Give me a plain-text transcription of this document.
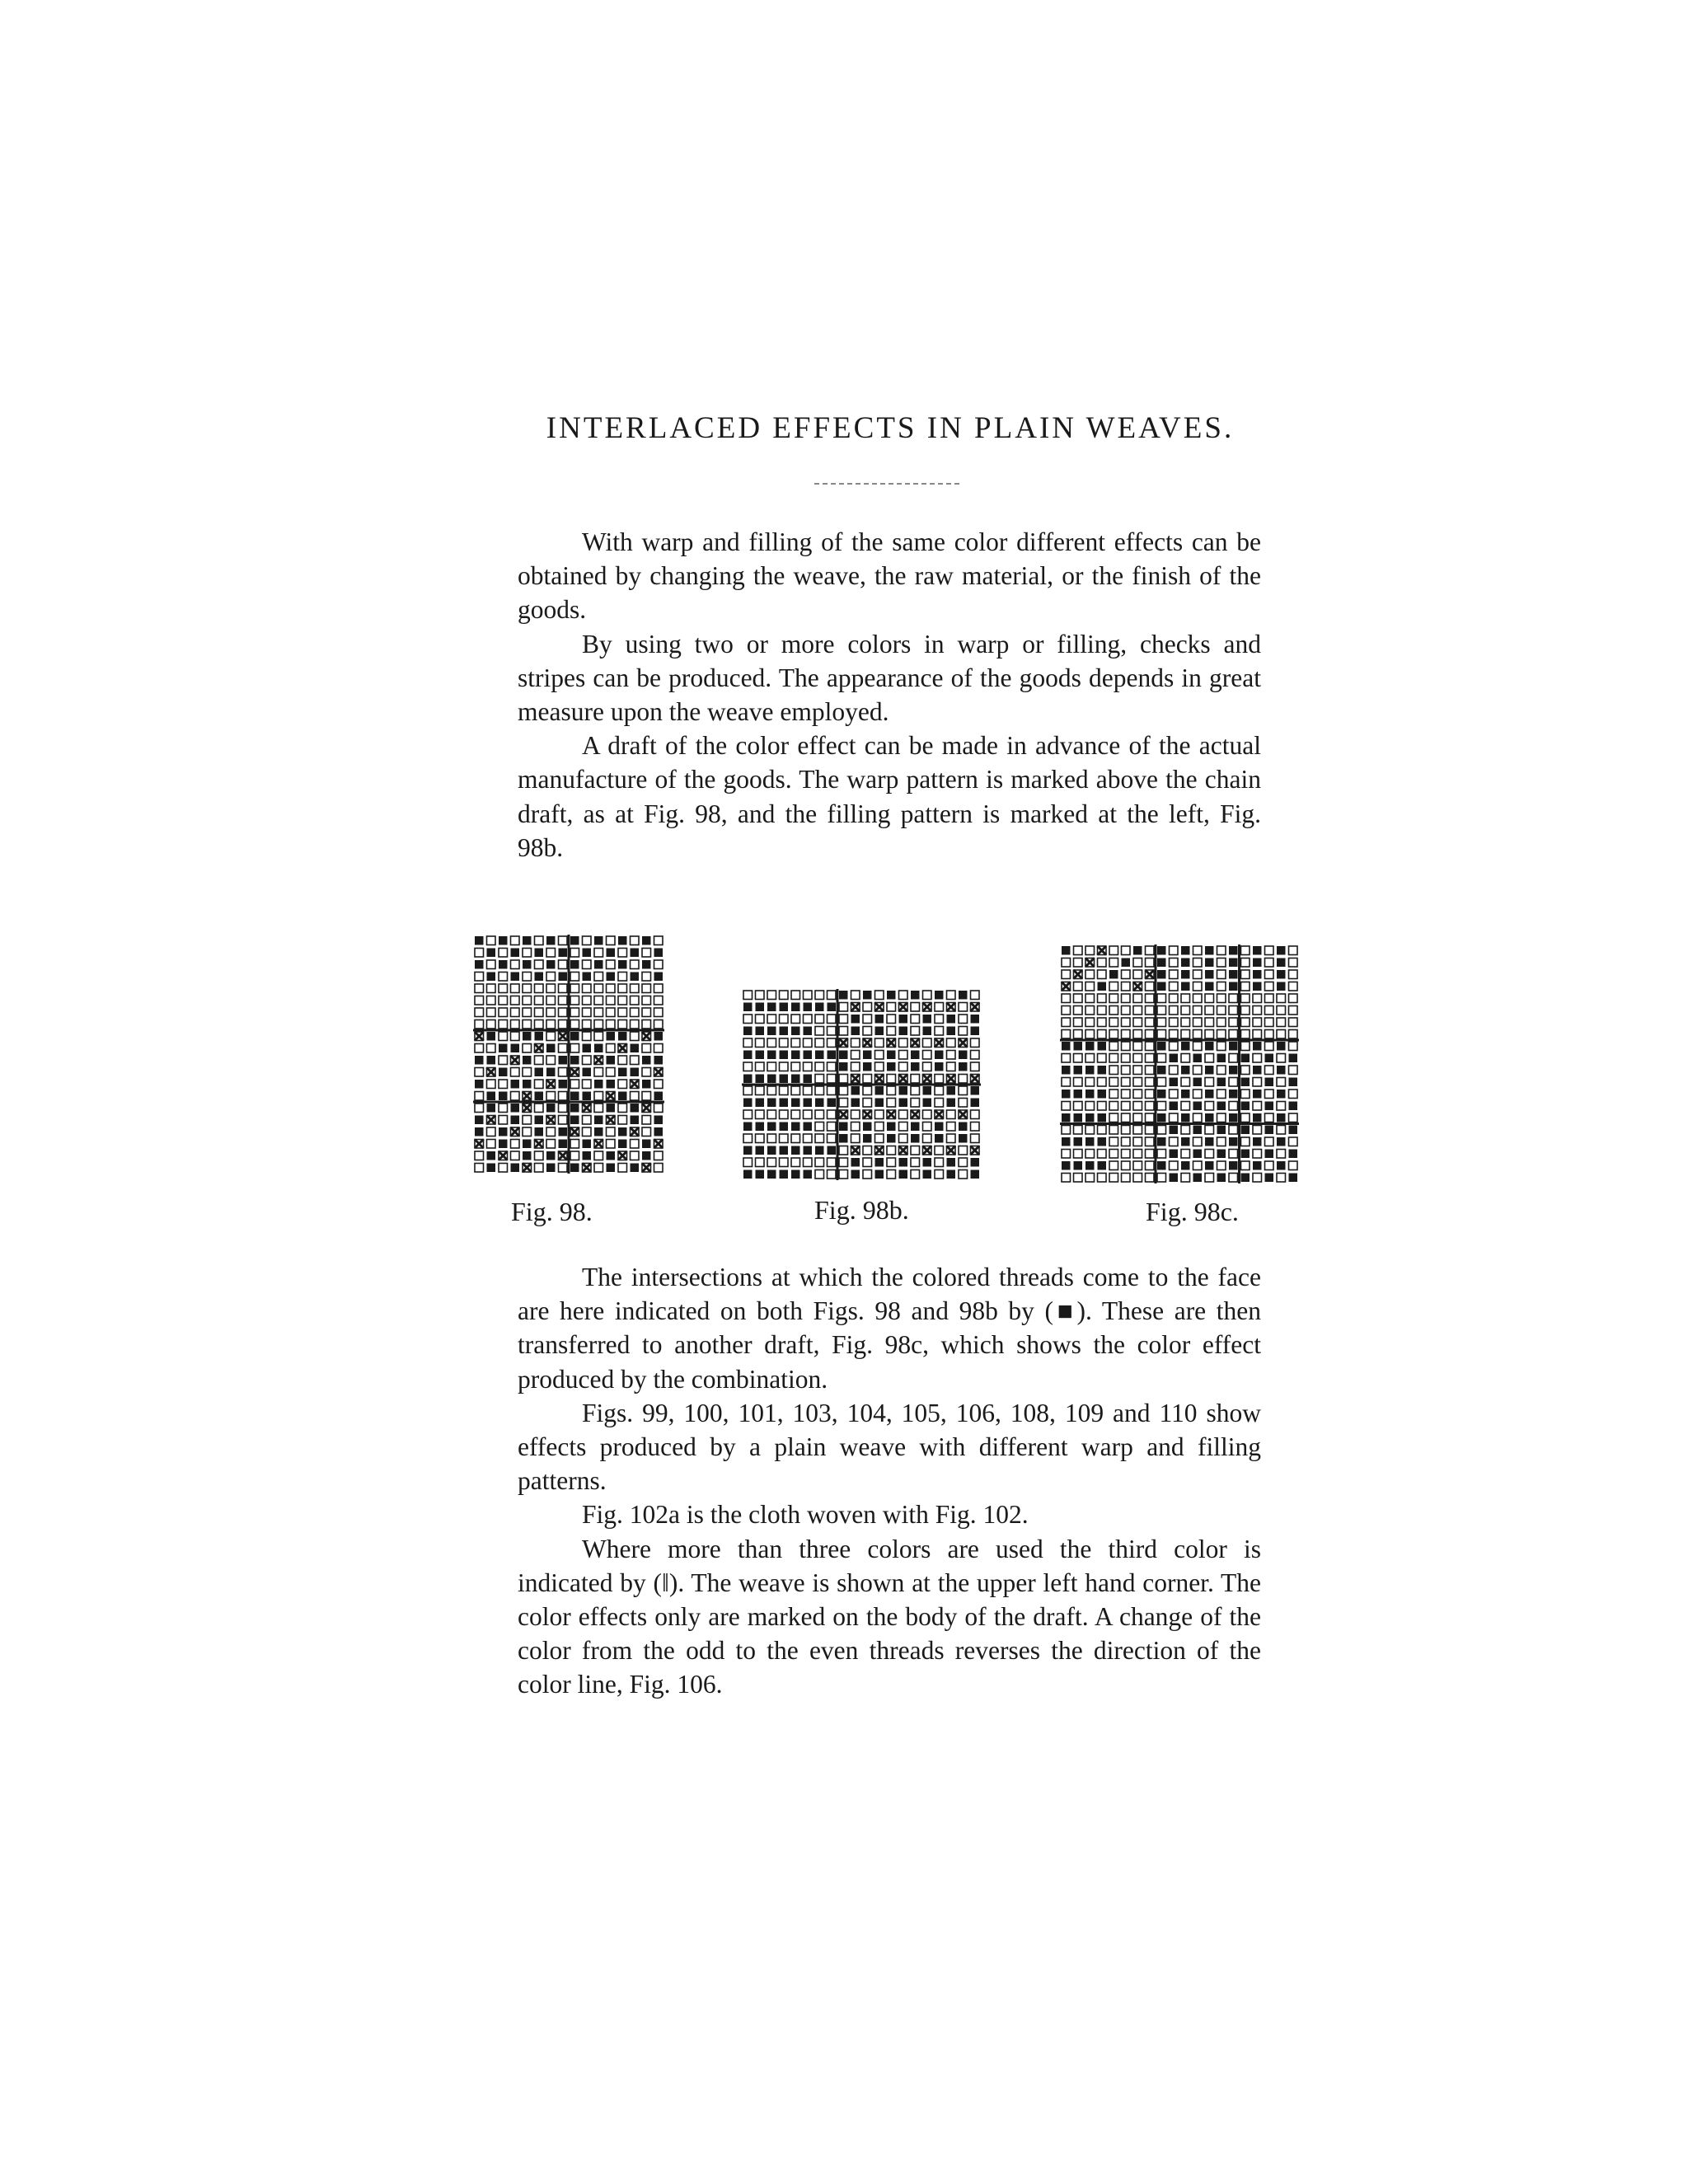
INTERLACED EFFECTS IN PLAIN WEAVES.

With warp and filling of the same color different effects can be obtained by changing the weave, the raw material, or the finish of the goods.

By using two or more colors in warp or filling, checks and stripes can be produced. The appearance of the goods depends in great measure upon the weave employed.

A draft of the color effect can be made in advance of the actual manufacture of the goods. The warp pattern is marked above the chain draft, as at Fig. 98, and the filling pattern is marked at the left, Fig. 98b.

Fig. 98.	Fig. 98b.	Fig. 98c.

The intersections at which the colored threads come to the face are here indicated on both Figs. 98 and 98b by (■). These are then transferred to another draft, Fig. 98c, which shows the color effect produced by the combination.

Figs. 99, 100, 101, 103, 104, 105, 106, 108, 109 and 110 show effects produced by a plain weave with different warp and filling patterns.

Fig. 102a is the cloth woven with Fig. 102.

Where more than three colors are used the third color is indicated by (‖). The weave is shown at the upper left hand corner. The color effects only are marked on the body of the draft. A change of the color from the odd to the even threads reverses the direction of the color line, Fig. 106.
